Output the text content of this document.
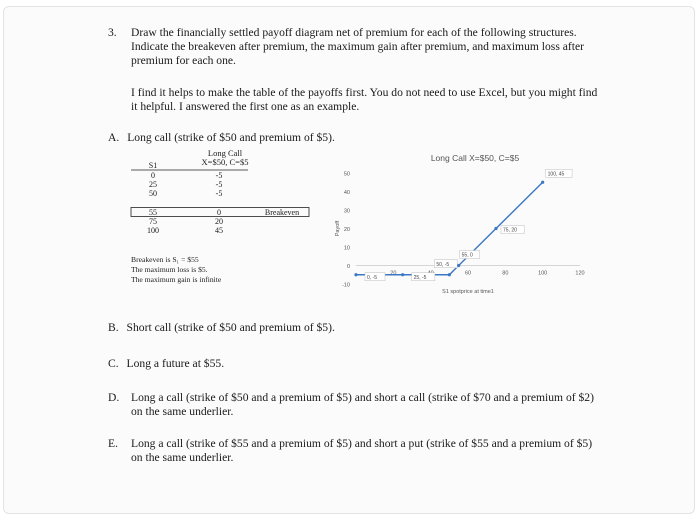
3. Draw the financially settled payoff diagram net of premium for each of the following structures. Indicate the breakeven after premium, the maximum gain after premium, and maximum loss after premium for each one.
I find it helps to make the table of the payoffs first. You do not need to use Excel, but you might find it helpful. I answered the first one as an example.
A. Long call (strike of $50 and premium of $5).
Long Call
X=$50, C=$5
S1
0	-5
25	-5
50	-5
55	0	Breakeven
75	20
100	45
Breakeven is S₁ = $55
The maximum loss is $5.
The maximum gain is infinite
Long Call X=$50, C=$5
-10
0
10
20
30
40
50
20	60	80	100	120
Payoff
S1 spotprice at time1
0, -5	25, -5
50, -5
55, 0
75, 20
100, 45
B. Short call (strike of $50 and premium of $5).
C. Long a future at $55.
D. Long a call (strike of $50 and a premium of $5) and short a call (strike of $70 and a premium of $2) on the same underlier.
E. Long a call (strike of $55 and a premium of $5) and short a put (strike of $55 and a premium of $5) on the same underlier.
